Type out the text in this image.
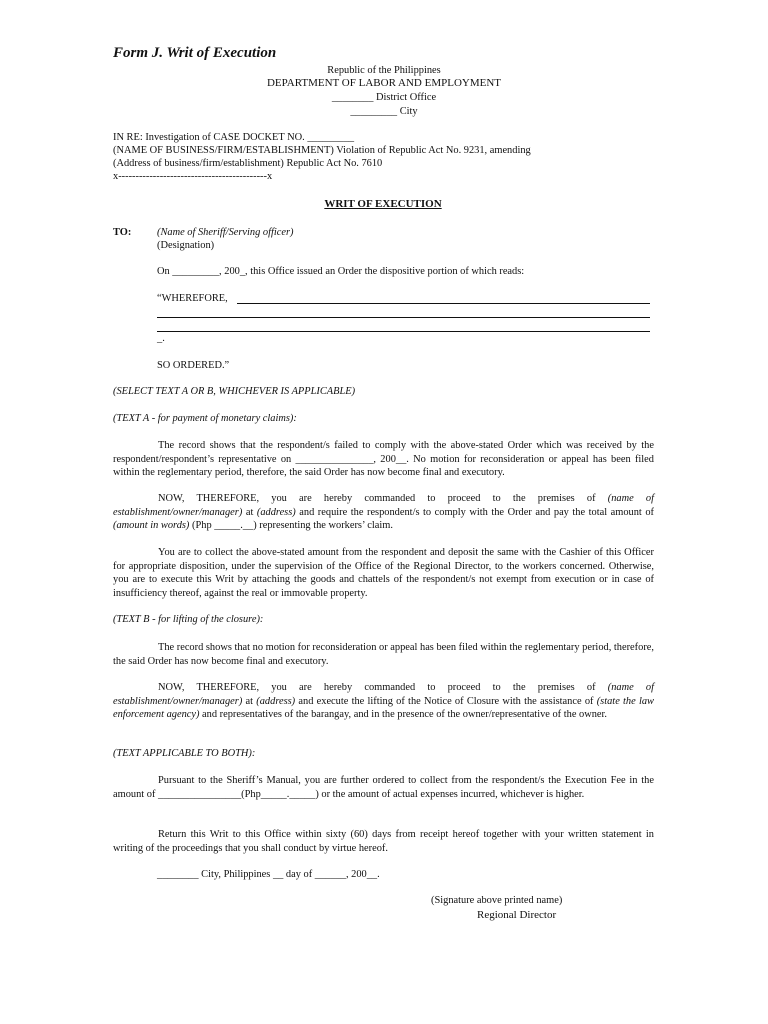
Form J. Writ of Execution
Republic of the Philippines
DEPARTMENT OF LABOR AND EMPLOYMENT
________ District Office
_________ City
IN RE: Investigation of CASE DOCKET NO. _________
(NAME OF BUSINESS/FIRM/ESTABLISHMENT) Violation of Republic Act No. 9231, amending
(Address of business/firm/establishment) Republic Act No. 7610
x-------------------------------------------x
WRIT OF EXECUTION
TO: (Name of Sheriff/Serving officer)
(Designation)
On _________, 200_, this Office issued an Order the dispositive portion of which reads:
“WHEREFORE,
_.
SO ORDERED.”
(SELECT TEXT A OR B, WHICHEVER IS APPLICABLE)
(TEXT A - for payment of monetary claims):
The record shows that the respondent/s failed to comply with the above-stated Order which was received by the respondent/respondent’s representative on _______________, 200__. No motion for reconsideration or appeal has been filed within the reglementary period, therefore, the said Order has now become final and executory.
NOW, THEREFORE, you are hereby commanded to proceed to the premises of (name of establishment/owner/manager) at (address) and require the respondent/s to comply with the Order and pay the total amount of (amount in words) (Php _____.__) representing the workers’ claim.
You are to collect the above-stated amount from the respondent and deposit the same with the Cashier of this Officer for appropriate disposition, under the supervision of the Office of the Regional Director, to the workers concerned. Otherwise, you are to execute this Writ by attaching the goods and chattels of the respondent/s not exempt from execution or in case of insufficiency thereof, against the real or immovable property.
(TEXT B - for lifting of the closure):
The record shows that no motion for reconsideration or appeal has been filed within the reglementary period, therefore, the said Order has now become final and executory.
NOW, THEREFORE, you are hereby commanded to proceed to the premises of (name of establishment/owner/manager) at (address) and execute the lifting of the Notice of Closure with the assistance of (state the law enforcement agency) and representatives of the barangay, and in the presence of the owner/representative of the owner.
(TEXT APPLICABLE TO BOTH):
Pursuant to the Sheriff’s Manual, you are further ordered to collect from the respondent/s the Execution Fee in the amount of ________________(Php_____._____) or the amount of actual expenses incurred, whichever is higher.
Return this Writ to this Office within sixty (60) days from receipt hereof together with your written statement in writing of the proceedings that you shall conduct by virtue hereof.
________ City, Philippines __ day of ______, 200__.
(Signature above printed name)
Regional Director
